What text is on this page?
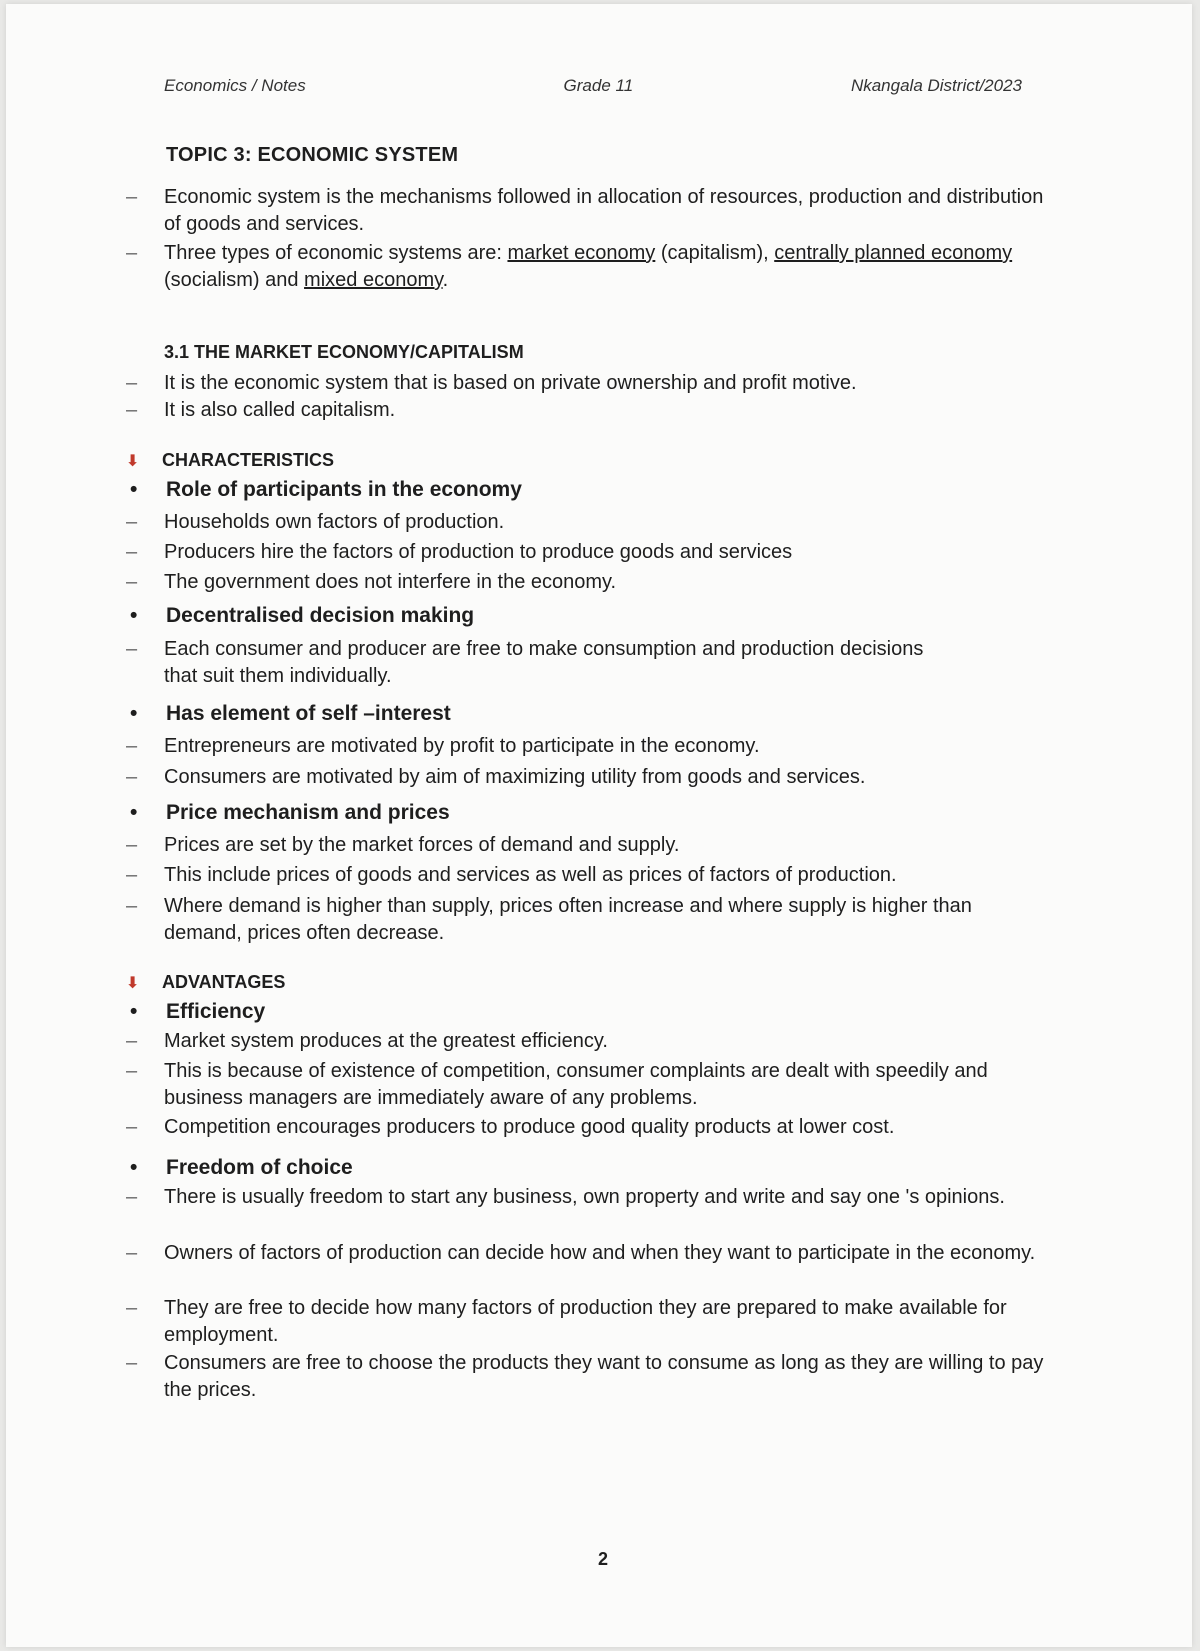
Economics / Notes	Grade 11	Nkangala District/2023
TOPIC 3: ECONOMIC SYSTEM
– Economic system is the mechanisms followed in allocation of resources, production and distribution of goods and services.
– Three types of economic systems are: market economy (capitalism), centrally planned economy (socialism) and mixed economy.
3.1 THE MARKET ECONOMY/CAPITALISM
– It is the economic system that is based on private ownership and profit motive.
– It is also called capitalism.
⬇ CHARACTERISTICS
• Role of participants in the economy
– Households own factors of production.
– Producers hire the factors of production to produce goods and services
– The government does not interfere in the economy.
• Decentralised decision making
– Each consumer and producer are free to make consumption and production decisions that suit them individually.
• Has element of self –interest
– Entrepreneurs are motivated by profit to participate in the economy.
– Consumers are motivated by aim of maximizing utility from goods and services.
• Price mechanism and prices
– Prices are set by the market forces of demand and supply.
– This include prices of goods and services as well as prices of factors of production.
– Where demand is higher than supply, prices often increase and where supply is higher than demand, prices often decrease.
⬇ ADVANTAGES
• Efficiency
– Market system produces at the greatest efficiency.
– This is because of existence of competition, consumer complaints are dealt with speedily and business managers are immediately aware of any problems.
– Competition encourages producers to produce good quality products at lower cost.
• Freedom of choice
– There is usually freedom to start any business, own property and write and say one 's opinions.
– Owners of factors of production can decide how and when they want to participate in the economy.
– They are free to decide how many factors of production they are prepared to make available for employment.
– Consumers are free to choose the products they want to consume as long as they are willing to pay the prices.
2
